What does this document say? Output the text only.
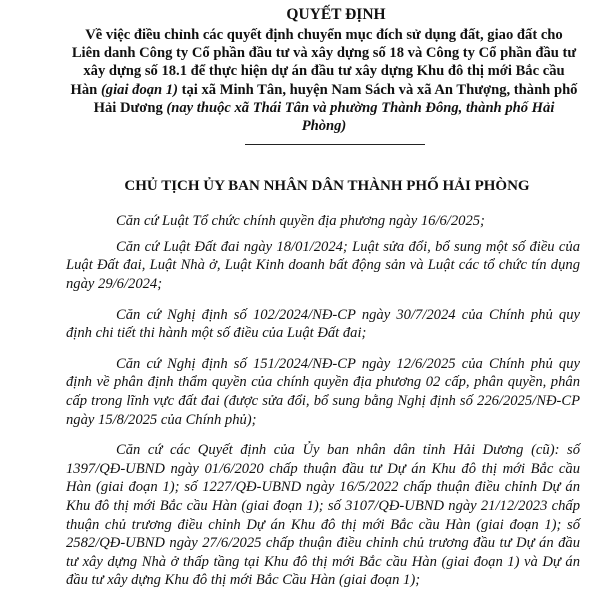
QUYẾT ĐỊNH

Về việc điều chỉnh các quyết định chuyển mục đích sử dụng đất, giao đất cho Liên danh Công ty Cổ phần đầu tư và xây dựng số 18 và Công ty Cổ phần đầu tư xây dựng số 18.1 để thực hiện dự án đầu tư xây dựng Khu đô thị mới Bắc cầu Hàn (giai đoạn 1) tại xã Minh Tân, huyện Nam Sách và xã An Thượng, thành phố Hải Dương (nay thuộc xã Thái Tân và phường Thành Đông, thành phố Hải Phòng)

CHỦ TỊCH ỦY BAN NHÂN DÂN THÀNH PHỐ HẢI PHÒNG

Căn cứ Luật Tổ chức chính quyền địa phương ngày 16/6/2025;

Căn cứ Luật Đất đai ngày 18/01/2024; Luật sửa đổi, bổ sung một số điều của Luật Đất đai, Luật Nhà ở, Luật Kinh doanh bất động sản và Luật các tổ chức tín dụng ngày 29/6/2024;

Căn cứ Nghị định số 102/2024/NĐ-CP ngày 30/7/2024 của Chính phủ quy định chi tiết thi hành một số điều của Luật Đất đai;

Căn cứ Nghị định số 151/2024/NĐ-CP ngày 12/6/2025 của Chính phủ quy định về phân định thẩm quyền của chính quyền địa phương 02 cấp, phân quyền, phân cấp trong lĩnh vực đất đai (được sửa đổi, bổ sung bằng Nghị định số 226/2025/NĐ-CP ngày 15/8/2025 của Chính phủ);

Căn cứ các Quyết định của Ủy ban nhân dân tỉnh Hải Dương (cũ): số 1397/QĐ-UBND ngày 01/6/2020 chấp thuận đầu tư Dự án Khu đô thị mới Bắc cầu Hàn (giai đoạn 1); số 1227/QĐ-UBND ngày 16/5/2022 chấp thuận điều chỉnh Dự án Khu đô thị mới Bắc cầu Hàn (giai đoạn 1); số 3107/QĐ-UBND ngày 21/12/2023 chấp thuận chủ trương điều chỉnh Dự án Khu đô thị mới Bắc cầu Hàn (giai đoạn 1); số 2582/QĐ-UBND ngày 27/6/2025 chấp thuận điều chỉnh chủ trương đầu tư Dự án đầu tư xây dựng Nhà ở thấp tầng tại Khu đô thị mới Bắc cầu Hàn (giai đoạn 1) và Dự án đầu tư xây dựng Khu đô thị mới Bắc Cầu Hàn (giai đoạn 1);
